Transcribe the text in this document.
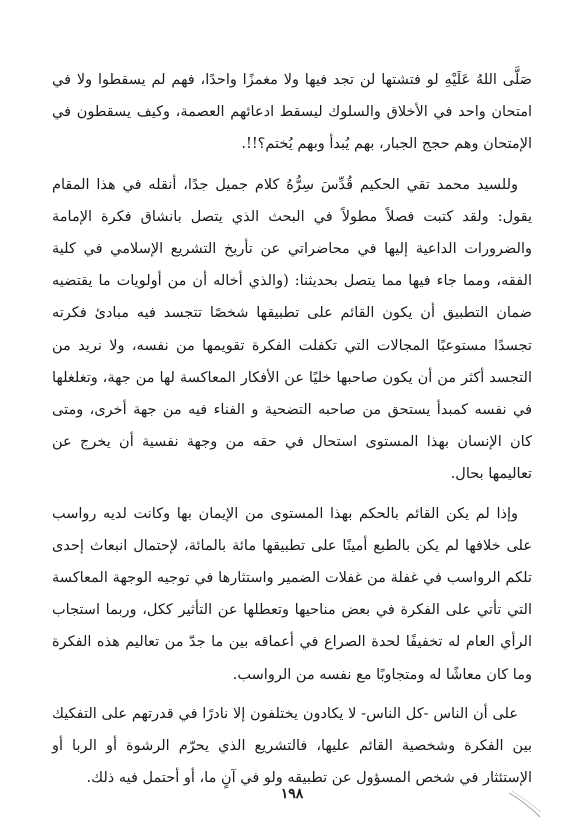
صَلَّى اللهُ عَلَيْهِ لو فتشتها لن تجد فيها ولا مغمزًا واحدًا، فهم لم يسقطوا ولا في امتحان واحد في الأخلاق والسلوك ليسقط ادعائهم العصمة، وكيف يسقطون في الإمتحان وهم حجج الجبار، بهم يُبدأ وبهم يُختم؟!!.

وللسيد محمد تقي الحكيم قُدِّسَ سِرُّهُ كلام جميل جدًا، أنقله في هذا المقام يقول: ولقد كتبت فصلاً مطولاً في البحث الذي يتصل بانشاق فكرة الإمامة والضرورات الداعية إليها في محاضراتي عن تأريخ التشريع الإسلامي في كلية الفقه، ومما جاء فيها مما يتصل بحديثنا: (والذي أخاله أن من أولويات ما يقتضيه ضمان التطبيق أن يكون القائم على تطبيقها شخصًا تتجسد فيه مبادئ فكرته تجسدًا مستوعبًا المجالات التي تكفلت الفكرة تقويمها من نفسه، ولا نريد من التجسد أكثر من أن يكون صاحبها خليًا عن الأفكار المعاكسة لها من جهة، وتغلغلها في نفسه كمبدأ يستحق من صاحبه التضحية و الفناء فيه من جهة أخرى، ومتى كان الإنسان بهذا المستوى استحال في حقه من وجهة نفسية أن يخرج عن تعاليمها بحال.

وإذا لم يكن القائم بالحكم بهذا المستوى من الإيمان بها وكانت لديه رواسب على خلافها لم يكن بالطبع أمينًا على تطبيقها مائة بالمائة، لإحتمال انبعاث إحدى تلكم الرواسب في غفلة من غفلات الضمير واستثارها في توجيه الوجهة المعاكسة التي تأتي على الفكرة في بعض مناحيها وتعطلها عن التأثير ككل، وربما استجاب الرأي العام له تخفيفًا لحدة الصراع في أعماقه بين ما جدّ من تعاليم هذه الفكرة وما كان معاشًا له ومتجاوبًا مع نفسه من الرواسب.

على أن الناس -كل الناس- لا يكادون يختلفون إلا نادرًا في قدرتهم على التفكيك بين الفكرة وشخصية القائم عليها، فالتشريع الذي يحرّم الرشوة أو الربا أو الإستئثار في شخص المسؤول عن تطبيقه ولو في آنٍ ما، أو أحتمل فيه ذلك.

١٩٨
